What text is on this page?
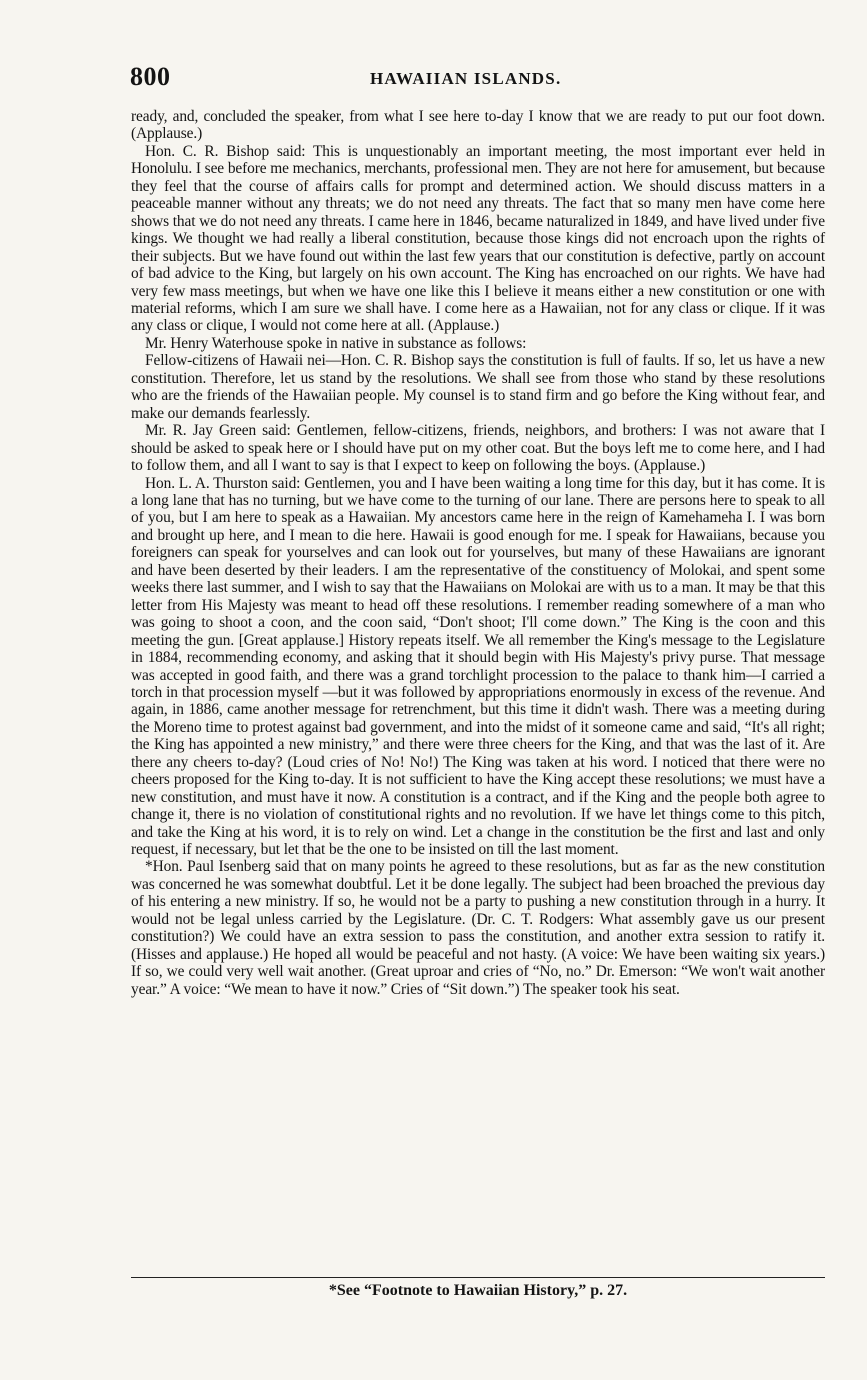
800	HAWAIIAN ISLANDS.

ready, and, concluded the speaker, from what I see here to-day I know that we are ready to put our foot down. (Applause.)

Hon. C. R. Bishop said: This is unquestionably an important meeting, the most important ever held in Honolulu. I see before me mechanics, merchants, professional men. They are not here for amusement, but because they feel that the course of affairs calls for prompt and determined action. We should discuss matters in a peaceable manner without any threats; we do not need any threats. The fact that so many men have come here shows that we do not need any threats. I came here in 1846, became naturalized in 1849, and have lived under five kings. We thought we had really a liberal constitution, because those kings did not encroach upon the rights of their subjects. But we have found out within the last few years that our constitution is defective, partly on account of bad advice to the King, but largely on his own account. The King has encroached on our rights. We have had very few mass meetings, but when we have one like this I believe it means either a new constitution or one with material reforms, which I am sure we shall have. I come here as a Hawaiian, not for any class or clique. If it was any class or clique, I would not come here at all. (Applause.)

Mr. Henry Waterhouse spoke in native in substance as follows:

Fellow-citizens of Hawaii nei—Hon. C. R. Bishop says the constitution is full of faults. If so, let us have a new constitution. Therefore, let us stand by the resolutions. We shall see from those who stand by these resolutions who are the friends of the Hawaiian people. My counsel is to stand firm and go before the King without fear, and make our demands fearlessly.

Mr. R. Jay Green said: Gentlemen, fellow-citizens, friends, neighbors, and brothers: I was not aware that I should be asked to speak here or I should have put on my other coat. But the boys left me to come here, and I had to follow them, and all I want to say is that I expect to keep on following the boys. (Applause.)

Hon. L. A. Thurston said: Gentlemen, you and I have been waiting a long time for this day, but it has come. It is a long lane that has no turning, but we have come to the turning of our lane. There are persons here to speak to all of you, but I am here to speak as a Hawaiian. My ancestors came here in the reign of Kamehameha I. I was born and brought up here, and I mean to die here. Hawaii is good enough for me. I speak for Hawaiians, because you foreigners can speak for yourselves and can look out for yourselves, but many of these Hawaiians are ignorant and have been deserted by their leaders. I am the representative of the constituency of Molokai, and spent some weeks there last summer, and I wish to say that the Hawaiians on Molokai are with us to a man. It may be that this letter from His Majesty was meant to head off these resolutions. I remember reading somewhere of a man who was going to shoot a coon, and the coon said, “Don't shoot; I'll come down.” The King is the coon and this meeting the gun. [Great applause.] History repeats itself. We all remember the King's message to the Legislature in 1884, recommending economy, and asking that it should begin with His Majesty's privy purse. That message was accepted in good faith, and there was a grand torchlight procession to the palace to thank him—I carried a torch in that procession myself —but it was followed by appropriations enormously in excess of the revenue. And again, in 1886, came another message for retrenchment, but this time it didn't wash. There was a meeting during the Moreno time to protest against bad government, and into the midst of it someone came and said, “It's all right; the King has appointed a new ministry,” and there were three cheers for the King, and that was the last of it. Are there any cheers to-day? (Loud cries of No! No!) The King was taken at his word. I noticed that there were no cheers proposed for the King to-day. It is not sufficient to have the King accept these resolutions; we must have a new constitution, and must have it now. A constitution is a contract, and if the King and the people both agree to change it, there is no violation of constitutional rights and no revolution. If we have let things come to this pitch, and take the King at his word, it is to rely on wind. Let a change in the constitution be the first and last and only request, if necessary, but let that be the one to be insisted on till the last moment.

*Hon. Paul Isenberg said that on many points he agreed to these resolutions, but as far as the new constitution was concerned he was somewhat doubtful. Let it be done legally. The subject had been broached the previous day of his entering a new ministry. If so, he would not be a party to pushing a new constitution through in a hurry. It would not be legal unless carried by the Legislature. (Dr. C. T. Rodgers: What assembly gave us our present constitution?) We could have an extra session to pass the constitution, and another extra session to ratify it. (Hisses and applause.) He hoped all would be peaceful and not hasty. (A voice: We have been waiting six years.) If so, we could very well wait another. (Great uproar and cries of “No, no.” Dr. Emerson: “We won't wait another year.” A voice: “We mean to have it now.” Cries of “Sit down.”) The speaker took his seat.

*See “Footnote to Hawaiian History,” p. 27.
